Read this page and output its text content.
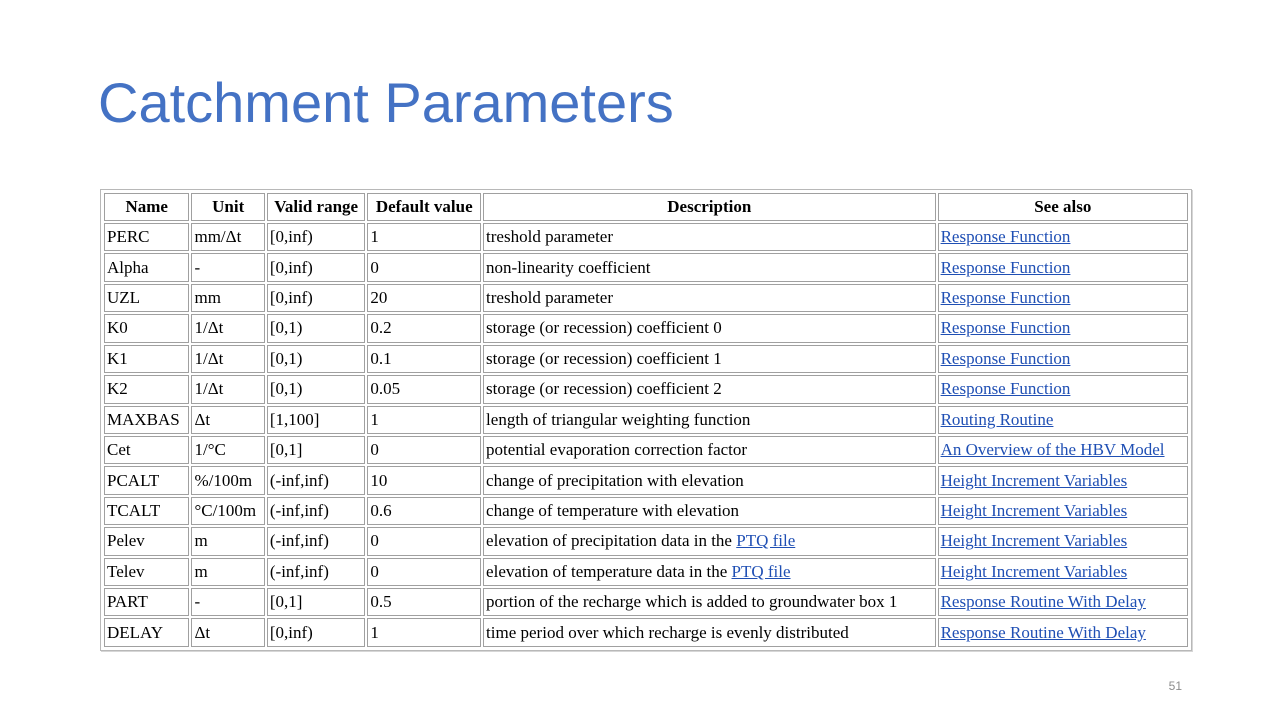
Catchment Parameters
Name	Unit	Valid range	Default value	Description	See also
PERC	mm/Δt	[0,inf)	1	treshold parameter	Response Function
Alpha	-	[0,inf)	0	non-linearity coefficient	Response Function
UZL	mm	[0,inf)	20	treshold parameter	Response Function
K0	1/Δt	[0,1)	0.2	storage (or recession) coefficient 0	Response Function
K1	1/Δt	[0,1)	0.1	storage (or recession) coefficient 1	Response Function
K2	1/Δt	[0,1)	0.05	storage (or recession) coefficient 2	Response Function
MAXBAS	Δt	[1,100]	1	length of triangular weighting function	Routing Routine
Cet	1/°C	[0,1]	0	potential evaporation correction factor	An Overview of the HBV Model
PCALT	%/100m	(-inf,inf)	10	change of precipitation with elevation	Height Increment Variables
TCALT	°C/100m	(-inf,inf)	0.6	change of temperature with elevation	Height Increment Variables
Pelev	m	(-inf,inf)	0	elevation of precipitation data in the PTQ file	Height Increment Variables
Telev	m	(-inf,inf)	0	elevation of temperature data in the PTQ file	Height Increment Variables
PART	-	[0,1]	0.5	portion of the recharge which is added to groundwater box 1	Response Routine With Delay
DELAY	Δt	[0,inf)	1	time period over which recharge is evenly distributed	Response Routine With Delay
51
